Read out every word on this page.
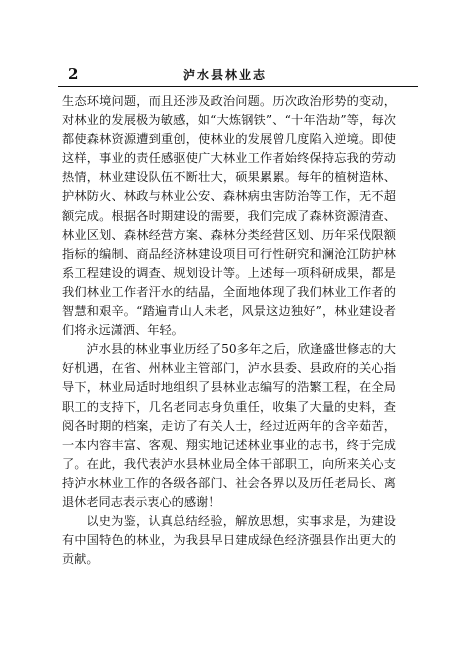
2	泸水县林业志

生态环境问题，而且还涉及政治问题。历次政治形势的变动，对林业的发展极为敏感，如“大炼钢铁”、“十年浩劫”等，每次都使森林资源遭到重创，使林业的发展曾几度陷入逆境。即使这样，事业的责任感驱使广大林业工作者始终保持忘我的劳动热情，林业建设队伍不断壮大，硕果累累。每年的植树造林、护林防火、林政与林业公安、森林病虫害防治等工作，无不超额完成。根据各时期建设的需要，我们完成了森林资源清查、林业区划、森林经营方案、森林分类经营区划、历年采伐限额指标的编制、商品经济林建设项目可行性研究和澜沧江防护林系工程建设的调查、规划设计等。上述每一项科研成果，都是我们林业工作者汗水的结晶，全面地体现了我们林业工作者的智慧和艰辛。“踏遍青山人未老，风景这边独好”，林业建设者们将永远潇洒、年轻。

泸水县的林业事业历经了50多年之后，欣逢盛世修志的大好机遇，在省、州林业主管部门，泸水县委、县政府的关心指导下，林业局适时地组织了县林业志编写的浩繁工程，在全局职工的支持下，几名老同志身负重任，收集了大量的史料，查阅各时期的档案，走访了有关人士，经过近两年的含辛茹苦，一本内容丰富、客观、翔实地记述林业事业的志书，终于完成了。在此，我代表泸水县林业局全体干部职工，向所来关心支持泸水林业工作的各级各部门、社会各界以及历任老局长、离退休老同志表示衷心的感谢！

以史为鉴，认真总结经验，解放思想，实事求是，为建设有中国特色的林业，为我县早日建成绿色经济强县作出更大的贡献。
